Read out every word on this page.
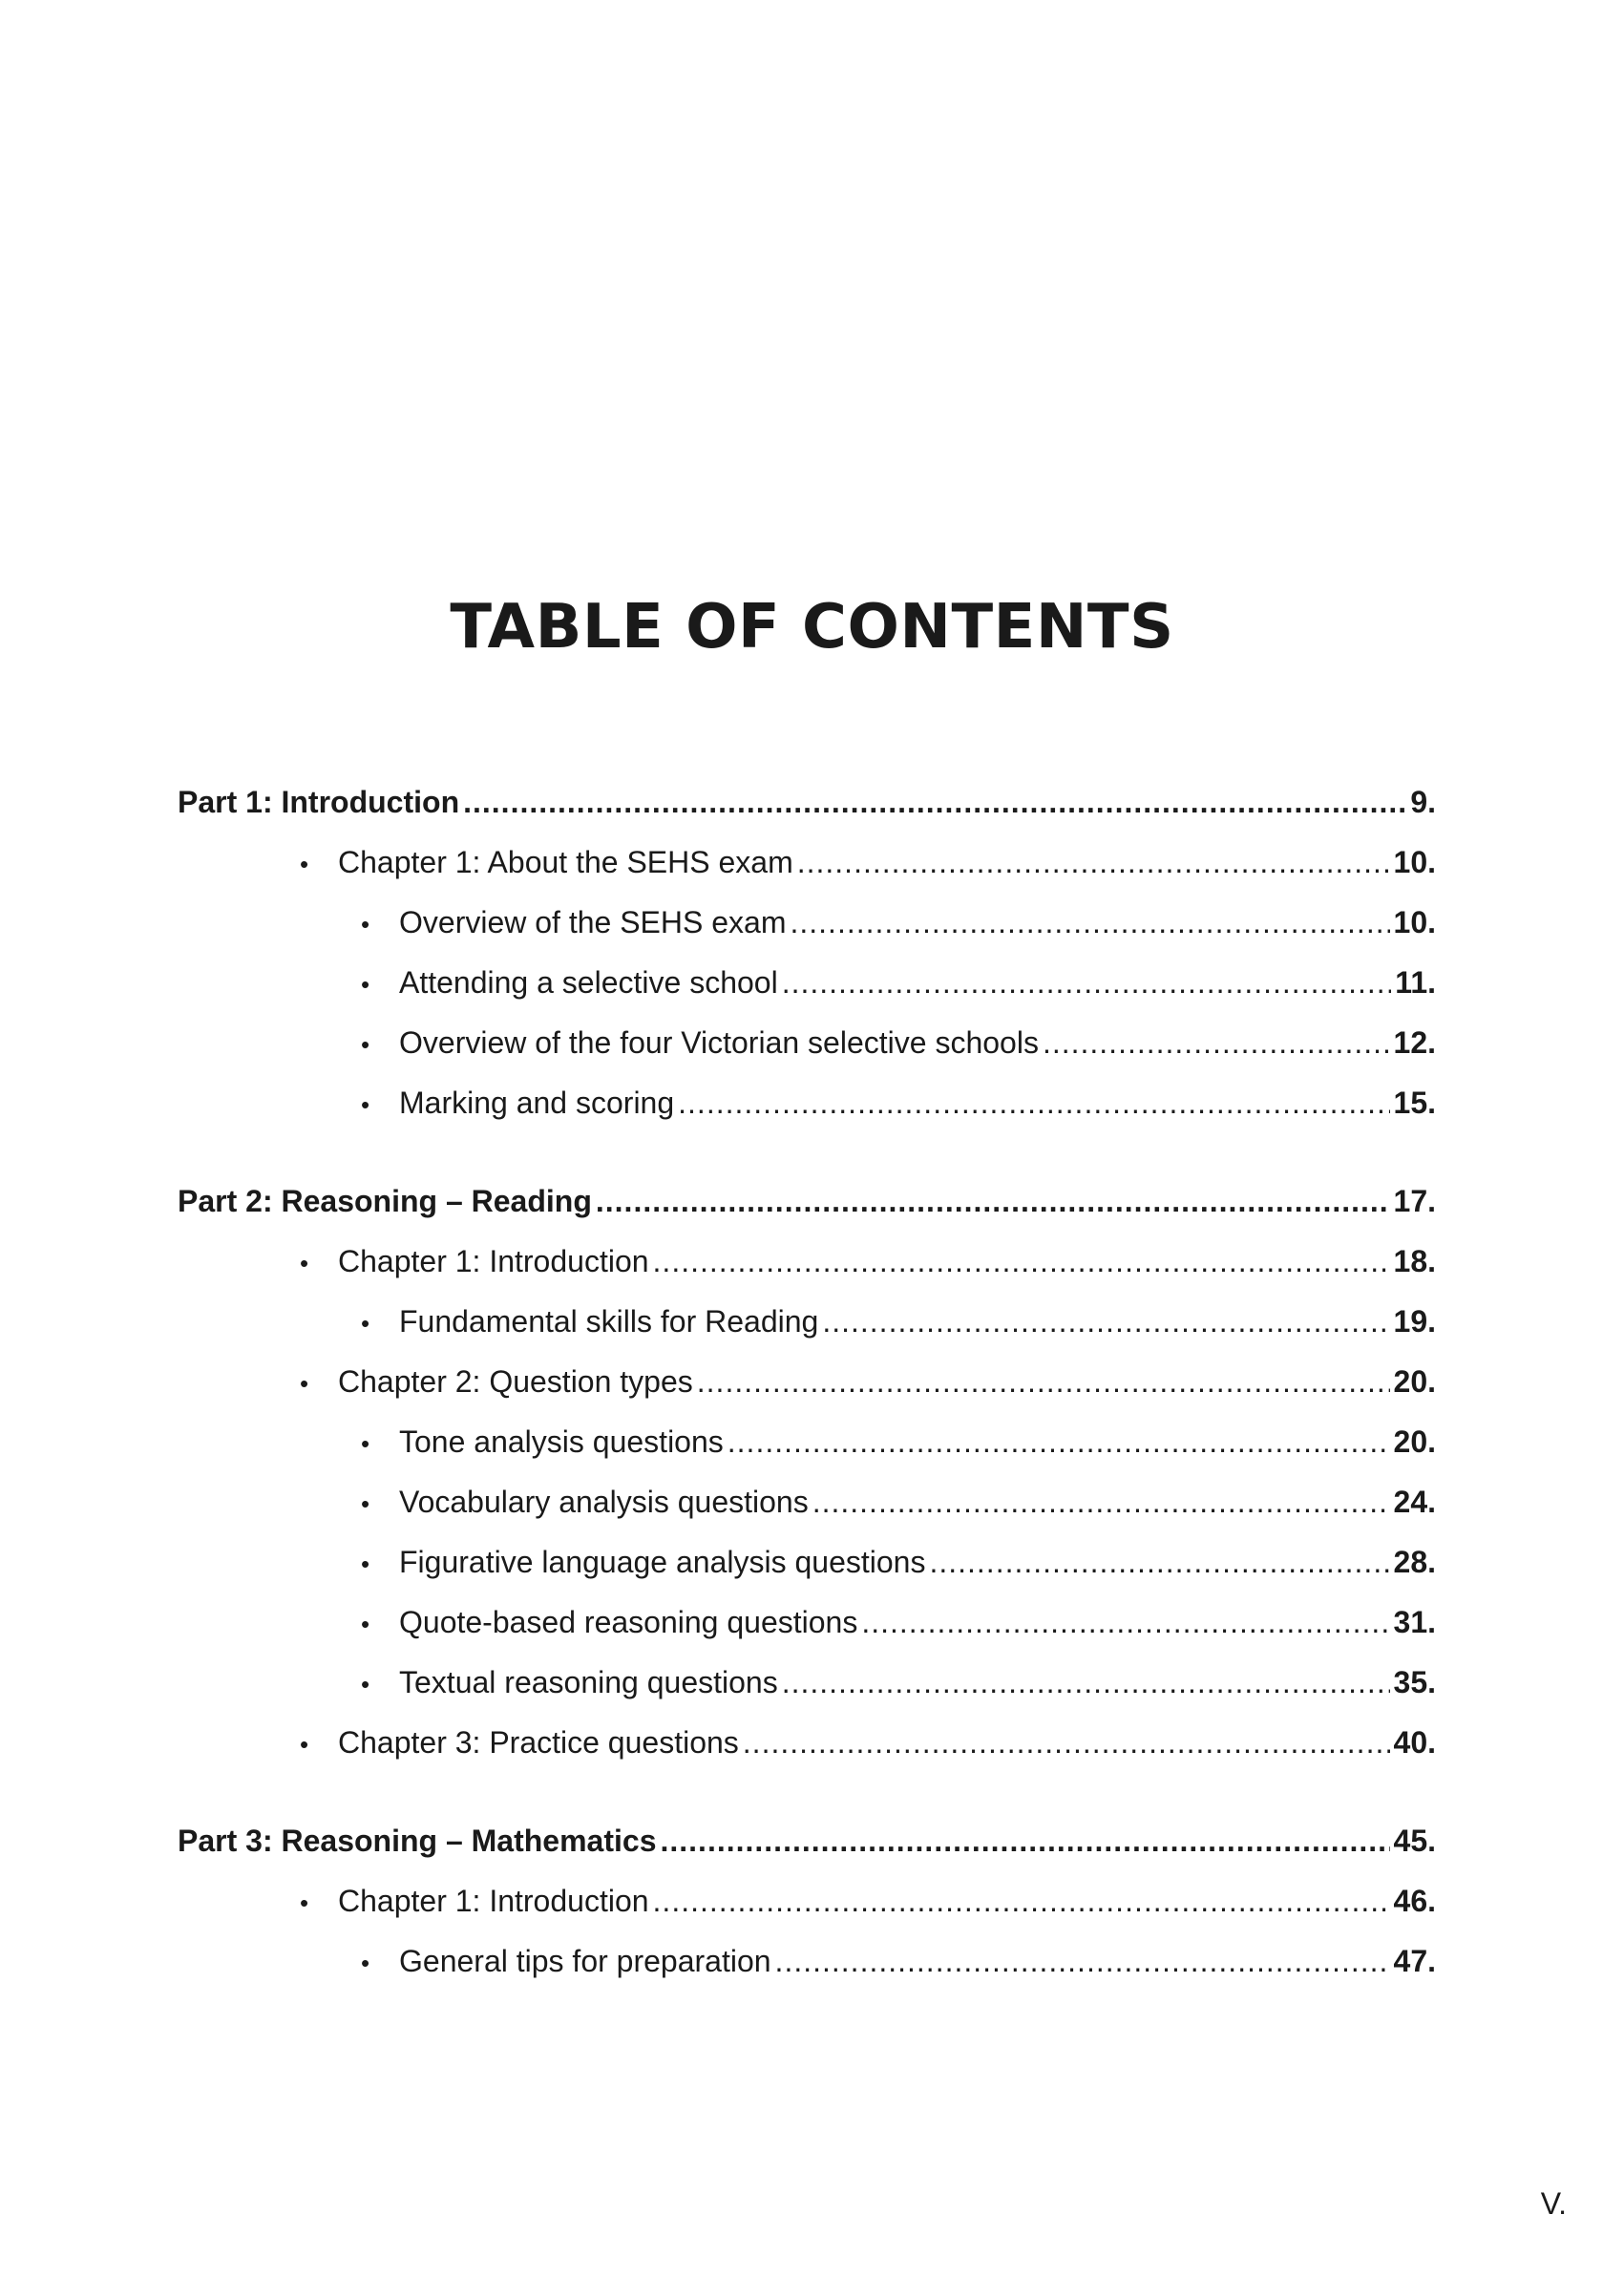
TABLE OF CONTENTS
Part 1: Introduction .....	9.
• Chapter 1: About the SEHS exam .....	10.
• Overview of the SEHS exam .....	10.
• Attending a selective school .....	11.
• Overview of the four Victorian selective schools .....	12.
• Marking and scoring .....	15.
Part 2: Reasoning – Reading .....	17.
• Chapter 1: Introduction .....	18.
• Fundamental skills for Reading .....	19.
• Chapter 2: Question types .....	20.
• Tone analysis questions .....	20.
• Vocabulary analysis questions .....	24.
• Figurative language analysis questions .....	28.
• Quote-based reasoning questions .....	31.
• Textual reasoning questions .....	35.
• Chapter 3: Practice questions .....	40.
Part 3: Reasoning – Mathematics .....	45.
• Chapter 1: Introduction .....	46.
• General tips for preparation .....	47.
V.
